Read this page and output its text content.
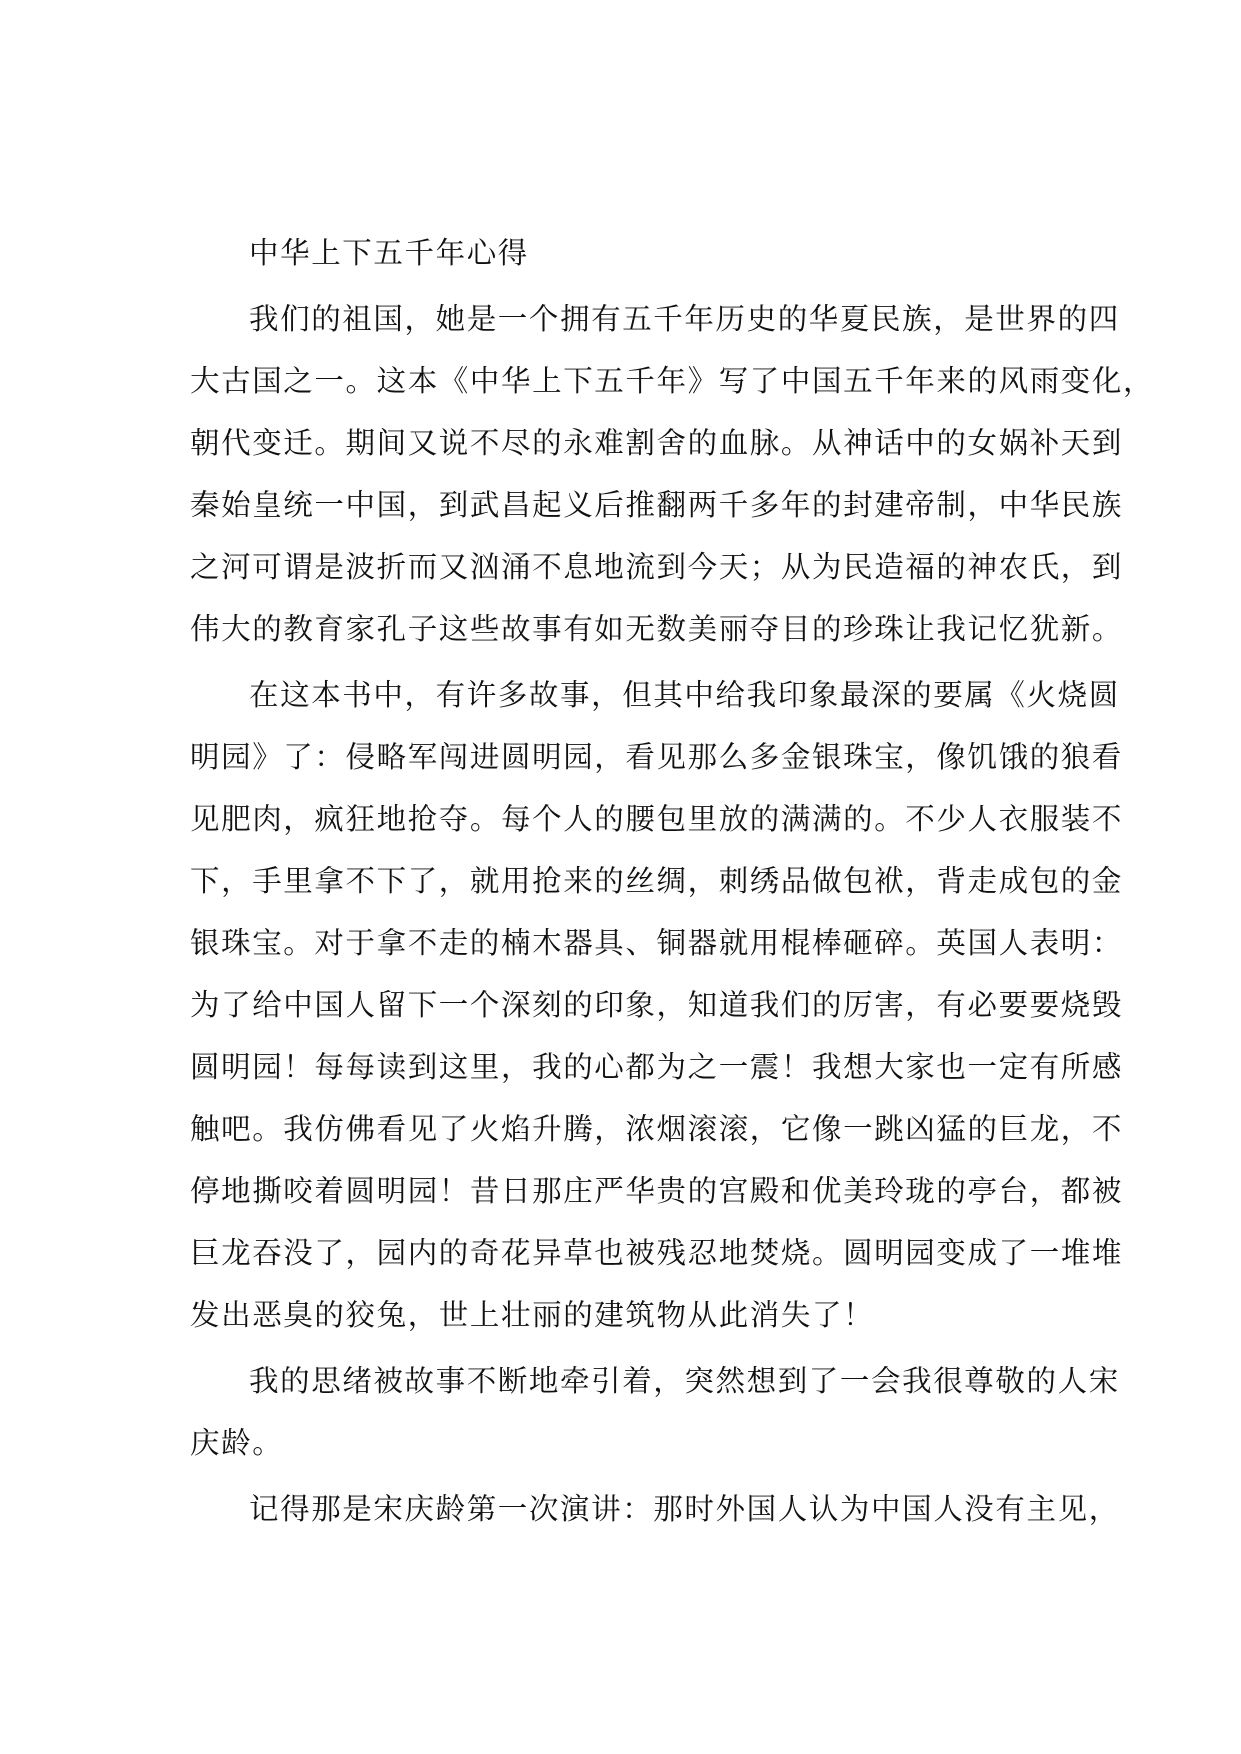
中华上下五千年心得
我们的祖国，她是一个拥有五千年历史的华夏民族，是世界的四
大古国之一。这本《中华上下五千年》写了中国五千年来的风雨变化，
朝代变迁。期间又说不尽的永难割舍的血脉。从神话中的女娲补天到
秦始皇统一中国，到武昌起义后推翻两千多年的封建帝制，中华民族
之河可谓是波折而又汹涌不息地流到今天；从为民造福的神农氏，到
伟大的教育家孔子这些故事有如无数美丽夺目的珍珠让我记忆犹新。
在这本书中，有许多故事，但其中给我印象最深的要属《火烧圆
明园》了：侵略军闯进圆明园，看见那么多金银珠宝，像饥饿的狼看
见肥肉，疯狂地抢夺。每个人的腰包里放的满满的。不少人衣服装不
下，手里拿不下了，就用抢来的丝绸，刺绣品做包袱，背走成包的金
银珠宝。对于拿不走的楠木器具、铜器就用棍棒砸碎。英国人表明：
为了给中国人留下一个深刻的印象，知道我们的厉害，有必要要烧毁
圆明园！每每读到这里，我的心都为之一震！我想大家也一定有所感
触吧。我仿佛看见了火焰升腾，浓烟滚滚，它像一跳凶猛的巨龙，不
停地撕咬着圆明园！昔日那庄严华贵的宫殿和优美玲珑的亭台，都被
巨龙吞没了，园内的奇花异草也被残忍地焚烧。圆明园变成了一堆堆
发出恶臭的狡兔，世上壮丽的建筑物从此消失了！
我的思绪被故事不断地牵引着，突然想到了一会我很尊敬的人宋
庆龄。
记得那是宋庆龄第一次演讲：那时外国人认为中国人没有主见，
